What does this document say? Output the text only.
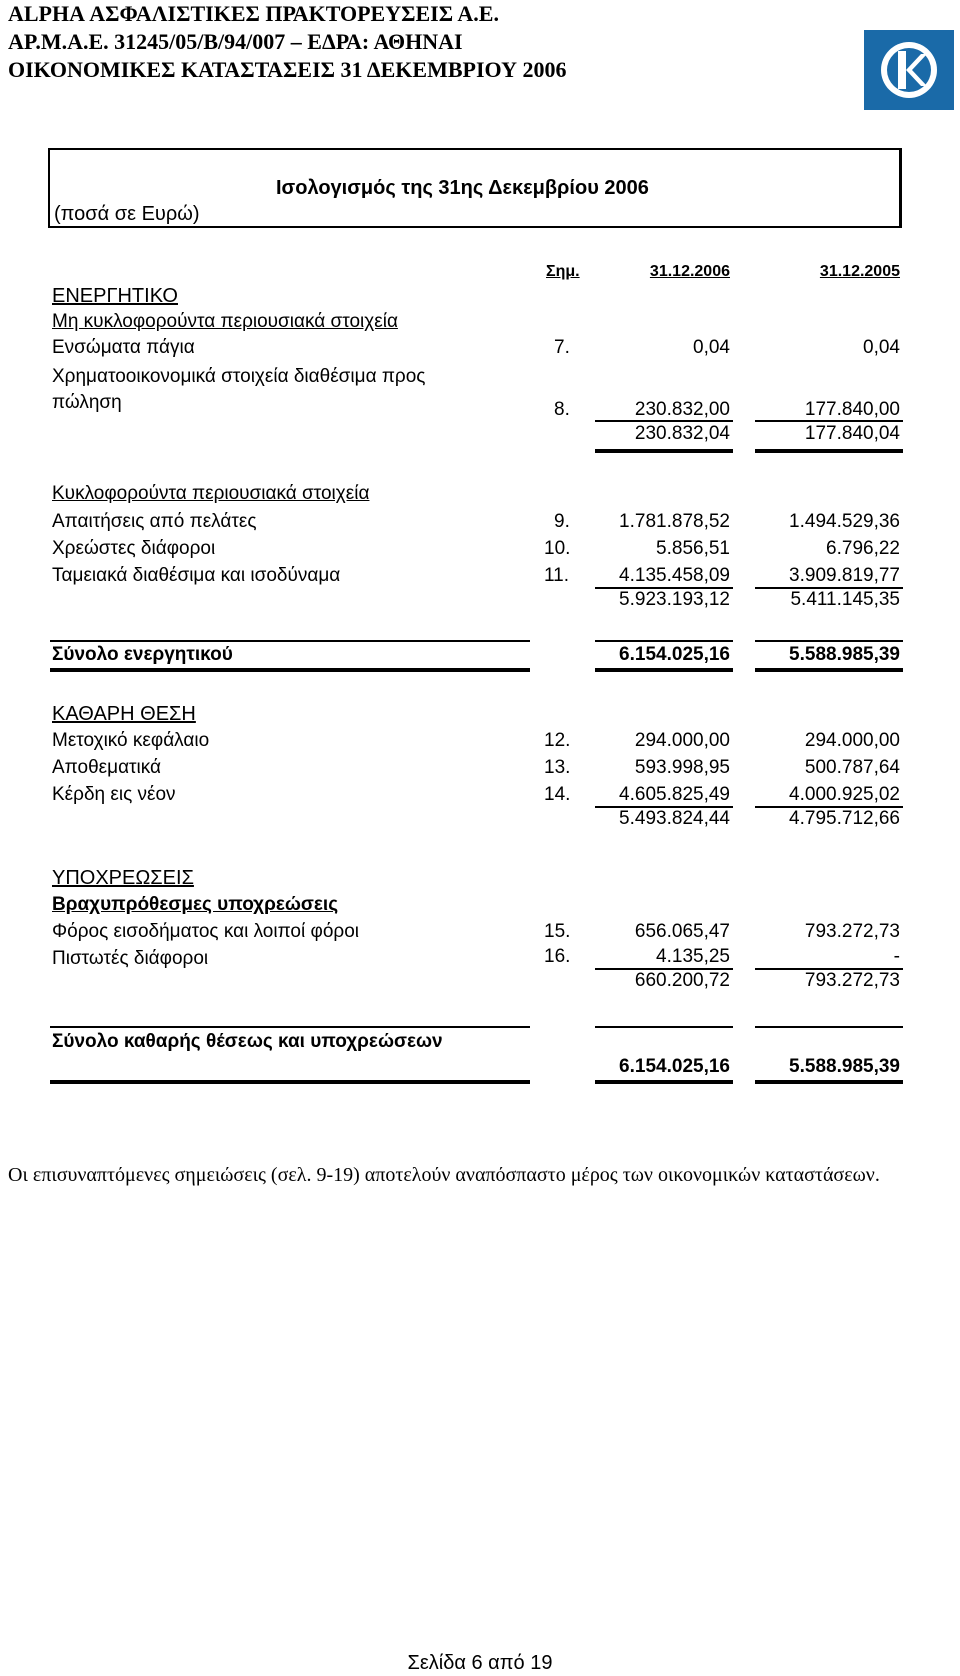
ALPHA ΑΣΦΑΛΙΣΤΙΚΕΣ ΠΡΑΚΤΟΡΕΥΣΕΙΣ Α.Ε.
ΑΡ.Μ.Α.Ε. 31245/05/Β/94/007 – ΕΔΡΑ: ΑΘΗΝΑΙ
ΟΙΚΟΝΟΜΙΚΕΣ ΚΑΤΑΣΤΑΣΕΙΣ 31 ΔΕΚΕΜΒΡΙΟΥ 2006
Ισολογισμός της 31ης Δεκεμβρίου 2006
(ποσά σε Ευρώ)
Σημ.	31.12.2006	31.12.2005
ΕΝΕΡΓΗΤΙΚΟ
Μη κυκλοφορούντα περιουσιακά στοιχεία
Ενσώματα πάγια	7.	0,04	0,04
Χρηματοοικονομικά στοιχεία διαθέσιμα προς
πώληση	8.	230.832,00	177.840,00
230.832,04	177.840,04
Κυκλοφορούντα περιουσιακά στοιχεία
Απαιτήσεις από πελάτες	9.	1.781.878,52	1.494.529,36
Χρεώστες διάφοροι	10.	5.856,51	6.796,22
Ταμειακά διαθέσιμα και ισοδύναμα	11.	4.135.458,09	3.909.819,77
5.923.193,12	5.411.145,35
Σύνολο ενεργητικού	6.154.025,16	5.588.985,39
ΚΑΘΑΡΗ ΘΕΣΗ
Μετοχικό κεφάλαιο	12.	294.000,00	294.000,00
Αποθεματικά	13.	593.998,95	500.787,64
Κέρδη εις νέον	14.	4.605.825,49	4.000.925,02
5.493.824,44	4.795.712,66
ΥΠΟΧΡΕΩΣΕΙΣ
Βραχυπρόθεσμες υποχρεώσεις
Φόρος εισοδήματος και λοιποί φόροι	15.	656.065,47	793.272,73
Πιστωτές διάφοροι	16.	4.135,25	-
660.200,72	793.272,73
Σύνολο καθαρής θέσεως και υποχρεώσεων
6.154.025,16	5.588.985,39
Οι επισυναπτόμενες σημειώσεις (σελ. 9-19) αποτελούν αναπόσπαστο μέρος των οικονομικών καταστάσεων.
Σελίδα 6 από 19
